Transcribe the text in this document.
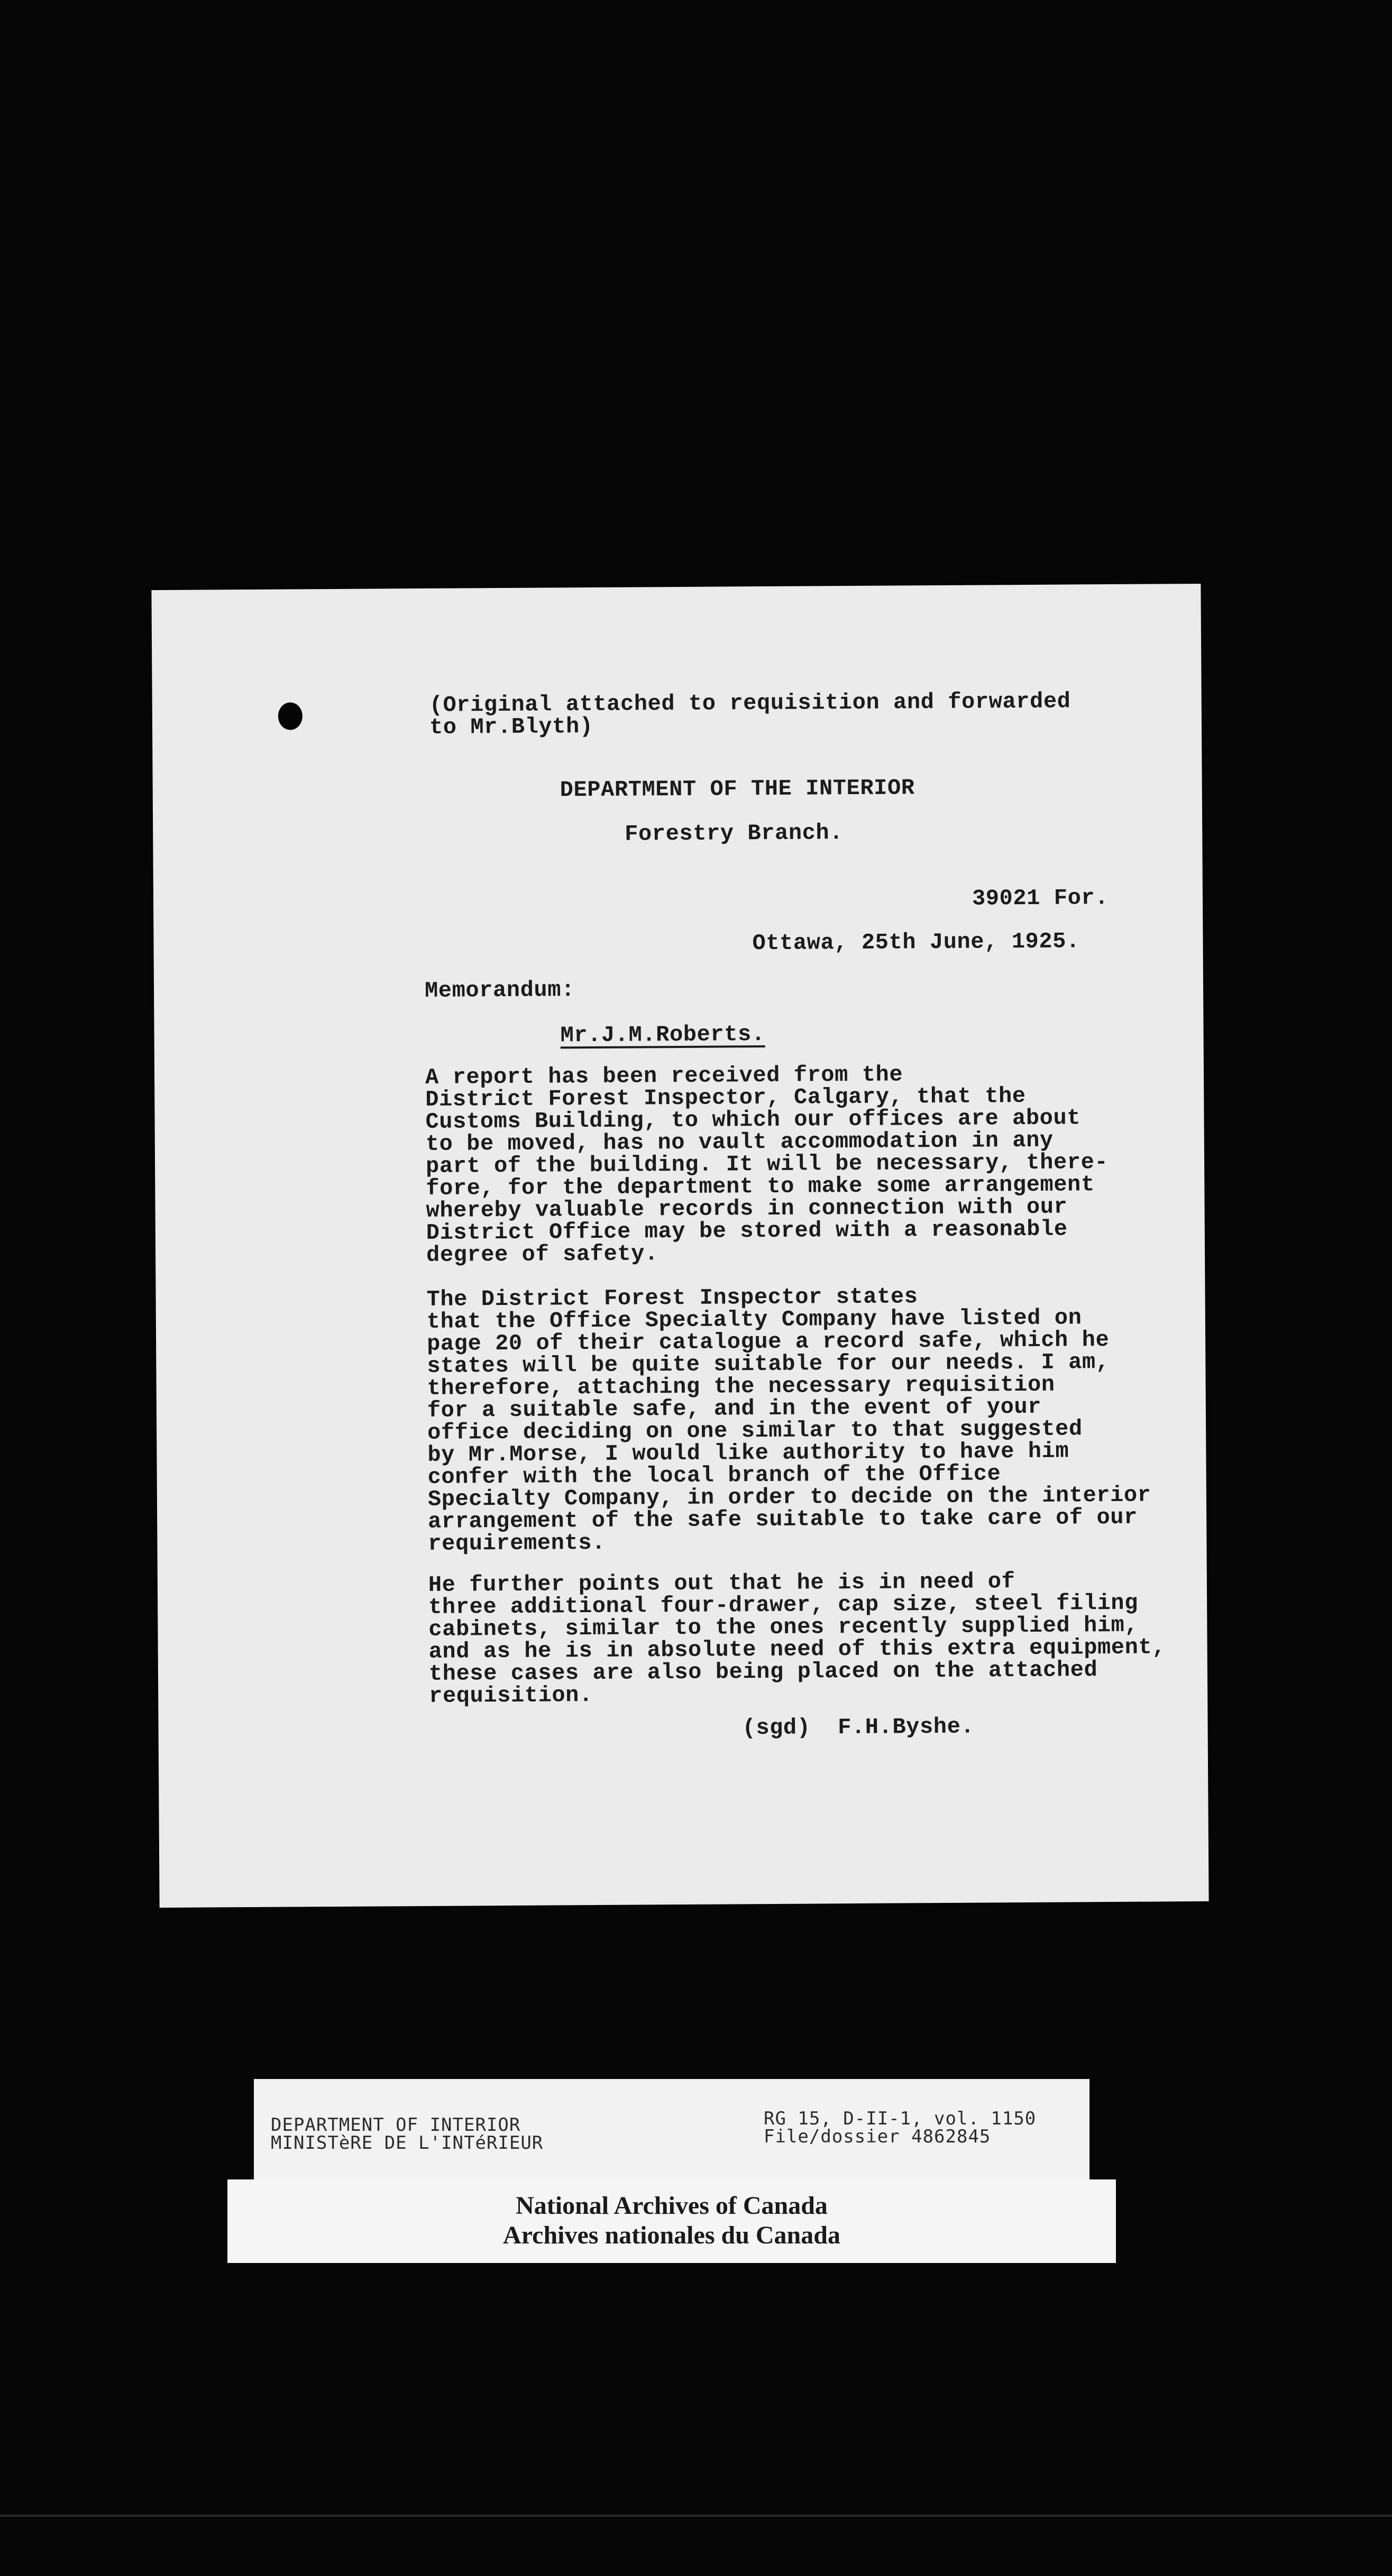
(Original attached to requisition and forwarded
to Mr.Blyth)
DEPARTMENT OF THE INTERIOR
Forestry Branch.
39021 For.
Ottawa, 25th June, 1925.
Memorandum:
Mr.J.M.Roberts.
A report has been received from the
District Forest Inspector, Calgary, that the
Customs Building, to which our offices are about
to be moved, has no vault accommodation in any
part of the building. It will be necessary, there-
fore, for the department to make some arrangement
whereby valuable records in connection with our
District Office may be stored with a reasonable
degree of safety.
The District Forest Inspector states
that the Office Specialty Company have listed on
page 20 of their catalogue a record safe, which he
states will be quite suitable for our needs. I am,
therefore, attaching the necessary requisition
for a suitable safe, and in the event of your
office deciding on one similar to that suggested
by Mr.Morse, I would like authority to have him
confer with the local branch of the Office
Specialty Company, in order to decide on the interior
arrangement of the safe suitable to take care of our
requirements.
He further points out that he is in need of
three additional four-drawer, cap size, steel filing
cabinets, similar to the ones recently supplied him,
and as he is in absolute need of this extra equipment,
these cases are also being placed on the attached
requisition.
(sgd)  F.H.Byshe.
DEPARTMENT OF INTERIOR
MINISTèRE DE L'INTéRIEUR
RG 15, D-II-1, vol. 1150
File/dossier 4862845
National Archives of Canada
Archives nationales du Canada
